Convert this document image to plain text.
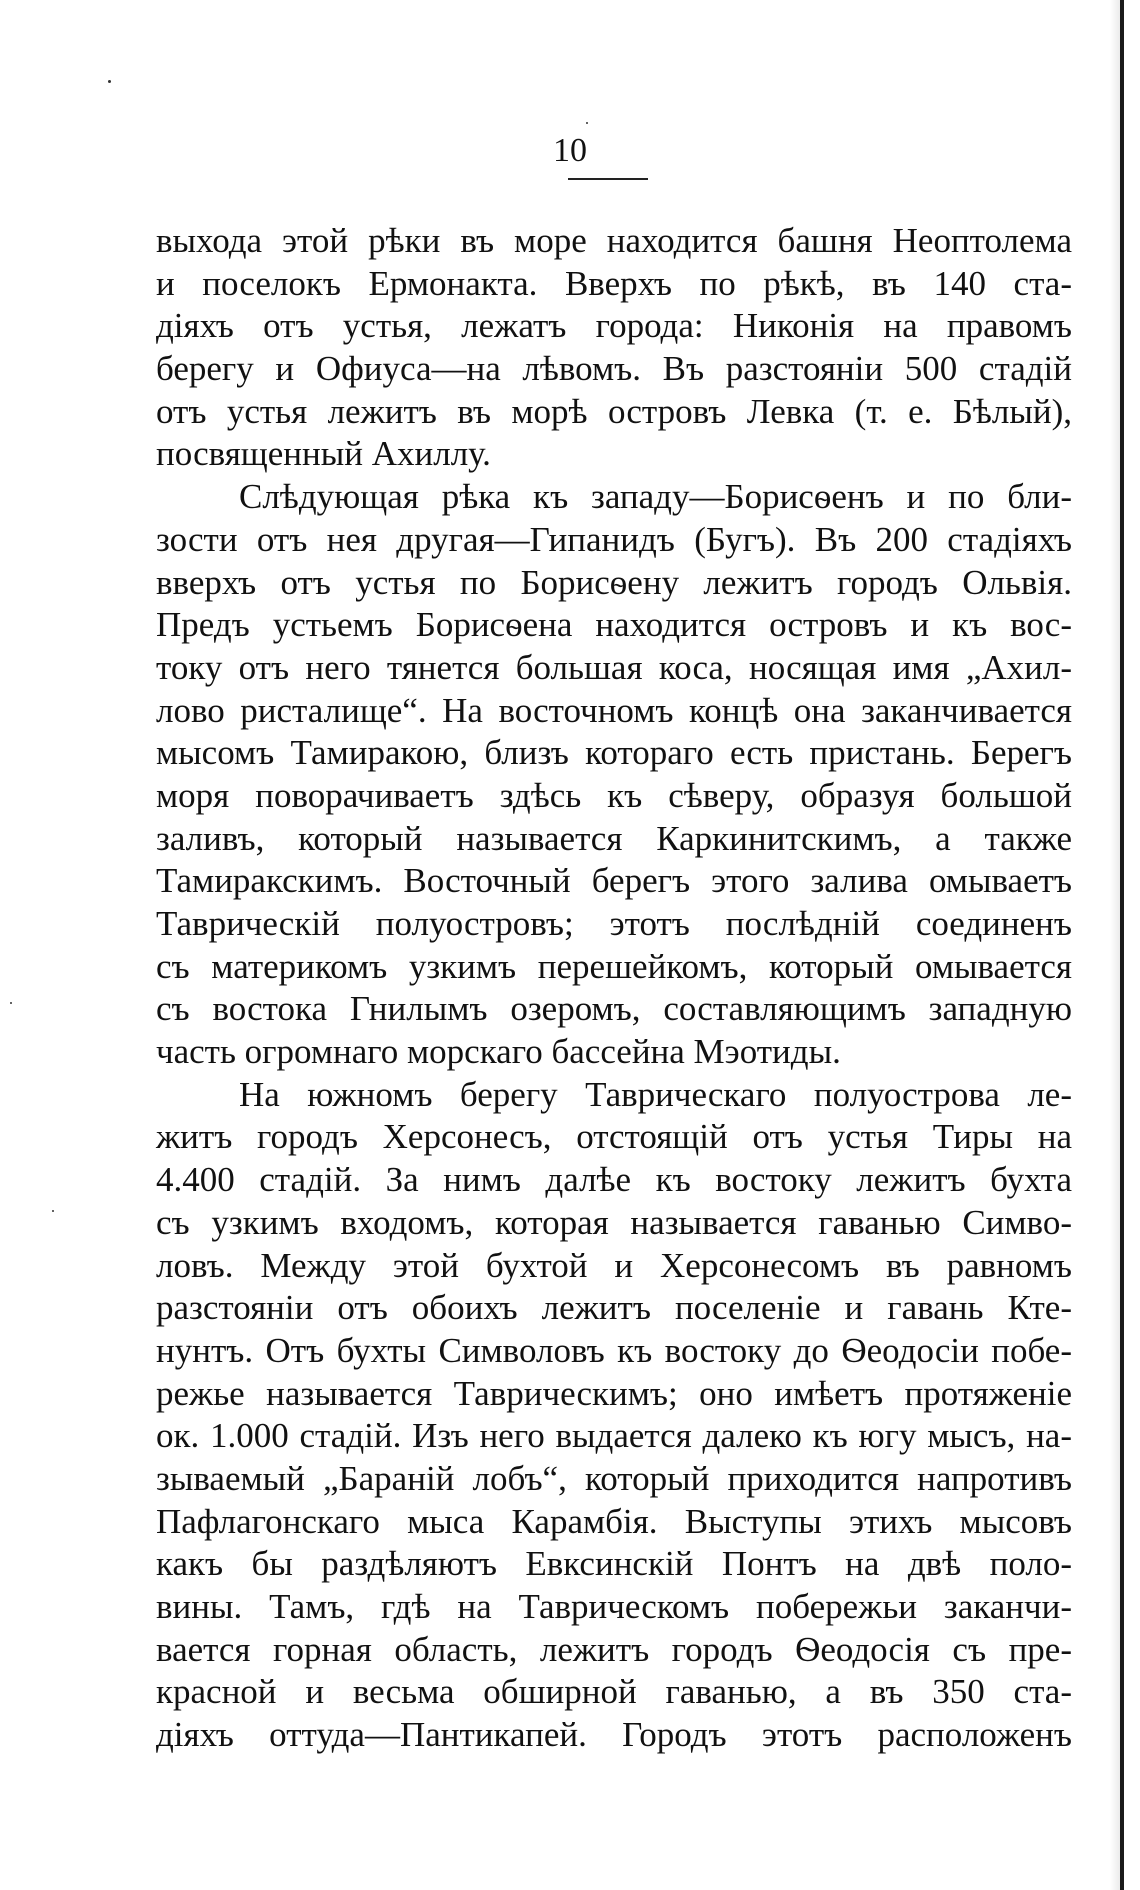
10
выхода этой рѣки въ море находится башня Неоптолема
и поселокъ Ермонакта. Вверхъ по рѣкѣ, въ 140 ста-
діяхъ отъ устья, лежатъ города: Никонія на правомъ
берегу и Офиуса—на лѣвомъ. Въ разстояніи 500 стадій
отъ устья лежитъ въ морѣ островъ Левка (т. е. Бѣлый),
посвященный Ахиллу.
Слѣдующая рѣка къ западу—Борисѳенъ и по бли-
зости отъ нея другая—Гипанидъ (Бугъ). Въ 200 стадіяхъ
вверхъ отъ устья по Борисѳену лежитъ городъ Ольвія.
Предъ устьемъ Борисѳена находится островъ и къ вос-
току отъ него тянется большая коса, носящая имя „Ахил-
лово ристалище“. На восточномъ концѣ она заканчивается
мысомъ Тамиракою, близъ котораго есть пристань. Берегъ
моря поворачиваетъ здѣсь къ сѣверу, образуя большой
заливъ, который называется Каркинитскимъ, а также
Тамиракскимъ. Восточный берегъ этого залива омываетъ
Таврическій полуостровъ; этотъ послѣдній соединенъ
съ материкомъ узкимъ перешейкомъ, который омывается
съ востока Гнилымъ озеромъ, составляющимъ западную
часть огромнаго морскаго бассейна Мэотиды.
На южномъ берегу Таврическаго полуострова ле-
житъ городъ Херсонесъ, отстоящій отъ устья Тиры на
4.400 стадій. За нимъ далѣе къ востоку лежитъ бухта
съ узкимъ входомъ, которая называется гаванью Симво-
ловъ. Между этой бухтой и Херсонесомъ въ равномъ
разстояніи отъ обоихъ лежитъ поселеніе и гавань Кте-
нунтъ. Отъ бухты Символовъ къ востоку до Ѳеодосіи побе-
режье называется Таврическимъ; оно имѣетъ протяженіе
ок. 1.000 стадій. Изъ него выдается далеко къ югу мысъ, на-
зываемый „Бараній лобъ“, который приходится напротивъ
Пафлагонскаго мыса Карамбія. Выступы этихъ мысовъ
какъ бы раздѣляютъ Евксинскій Понтъ на двѣ поло-
вины. Тамъ, гдѣ на Таврическомъ побережьи заканчи-
вается горная область, лежитъ городъ Ѳеодосія съ пре-
красной и весьма обширной гаванью, а въ 350 ста-
діяхъ оттуда—Пантикапей. Городъ этотъ расположенъ
